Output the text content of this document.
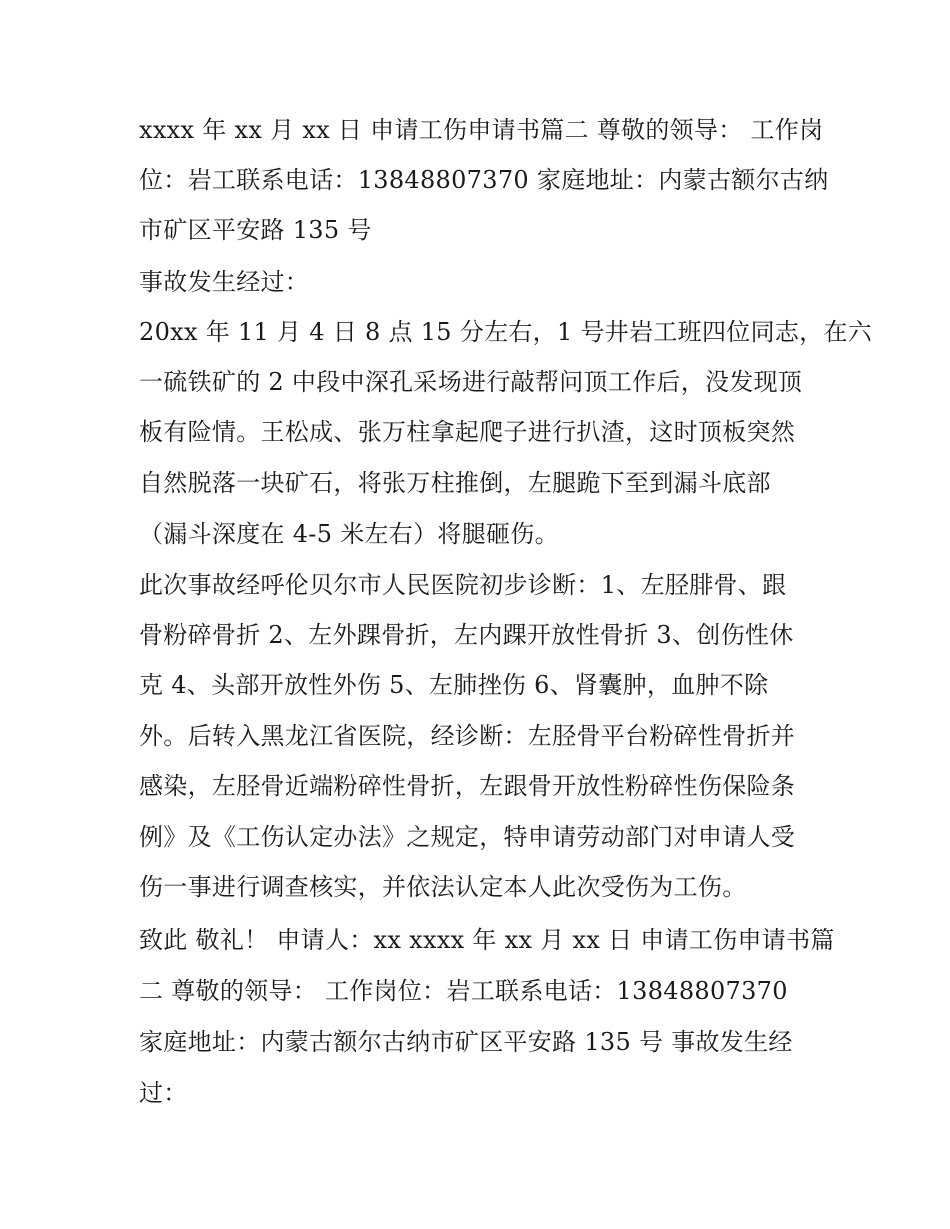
xxxx 年 xx 月 xx 日 申请工伤申请书篇二 尊敬的领导： 工作岗
位：岩工联系电话：13848807370 家庭地址：内蒙古额尔古纳
市矿区平安路 135 号
事故发生经过：
20xx 年 11 月 4 日 8 点 15 分左右，1 号井岩工班四位同志，在六
一硫铁矿的 2 中段中深孔采场进行敲帮问顶工作后，没发现顶
板有险情。王松成、张万柱拿起爬子进行扒渣，这时顶板突然
自然脱落一块矿石，将张万柱推倒，左腿跪下至到漏斗底部
（漏斗深度在 4-5 米左右）将腿砸伤。
此次事故经呼伦贝尔市人民医院初步诊断：1、左胫腓骨、跟
骨粉碎骨折 2、左外踝骨折，左内踝开放性骨折 3、创伤性休
克 4、头部开放性外伤 5、左肺挫伤 6、肾囊肿，血肿不除
外。后转入黑龙江省医院，经诊断：左胫骨平台粉碎性骨折并
感染，左胫骨近端粉碎性骨折，左跟骨开放性粉碎性伤保险条
例》及《工伤认定办法》之规定，特申请劳动部门对申请人受
伤一事进行调查核实，并依法认定本人此次受伤为工伤。
致此 敬礼！ 申请人：xx xxxx 年 xx 月 xx 日 申请工伤申请书篇
二 尊敬的领导： 工作岗位：岩工联系电话：13848807370
家庭地址：内蒙古额尔古纳市矿区平安路 135 号 事故发生经
过：
